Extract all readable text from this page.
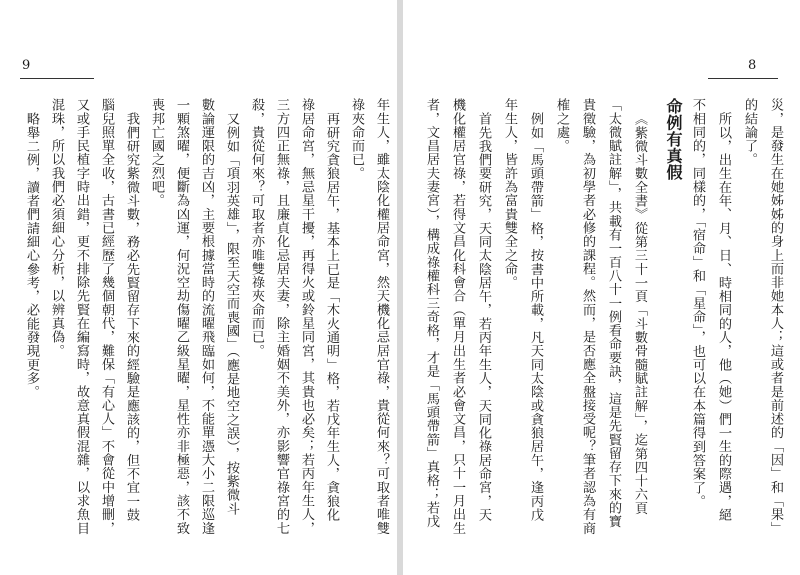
9
年生人，雖太陰化權居命宮，然天機化忌居官祿，貴從何來？可取者唯雙
祿夾命而已。
再研究貪狼居午，基本上已是「木火通明」格，若戊年生人，貪狼化
祿居命宮，無忌星干擾，再得火或鈴星同宮，其貴也必矣；若丙年生人，
三方四正無祿，且廉貞化忌居夫妻，除主婚姻不美外，亦影響官祿宮的七
殺，貴從何來？可取者亦唯雙祿夾命而已。
又例如「項羽英雄」，限至天空而喪國」（應是地空之誤），按紫微斗
數論運限的吉凶，主要根據當時的流曜飛臨如何，不能單憑大小二限巡逢
一顆煞曜，便斷為凶運，何況空劫傷曜乙級星曜，星性亦非極惡，該不致
喪邦亡國之烈吧。
我們研究紫微斗數，務必先賢留存下來的經驗是應該的，但不宜一鼓
腦兒照單全收，古書已經歷了幾個朝代，難保「有心人」不會從中增刪，
又或手民植字時出錯，更不排除先賢在編寫時，故意真假混雜，以求魚目
混珠，所以我們必須細心分析，以辨真偽。
略舉二例，讀者們請細心參考，必能發現更多。
8
災，是發生在她姊姊的身上而非她本人；這或者是前述的「因」和「果」
的結論了。
所以，出生在年、月、日、時相同的人，他（她）們一生的際遇，絕
不相同的，同樣的，「宿命」和「星命」，也可以在本篇得到答案了。
命例有真假
《紫微斗數全書》從第三十一頁「斗數骨髓賦註解」，迄第四十六頁
「太微賦註解」，共載有一百八十一例看命要訣，這是先賢留存下來的寶
貴徵驗，為初學者必修的課程。然而，是否應全盤接受呢？筆者認為有商
榷之處。
例如「馬頭帶箭」格，按書中所載，凡天同太陰或貪狼居午，逢丙戊
年生人，皆許為富貴雙全之命。
首先我們要研究，天同太陰居午，若丙年生人，天同化祿居命宮，天
機化權居官祿，若得文昌化科會合（單月出生者必會文昌，只十一月出生
者，文昌居夫妻宮），構成祿權科三奇格，才是「馬頭帶箭」真格；若戊
